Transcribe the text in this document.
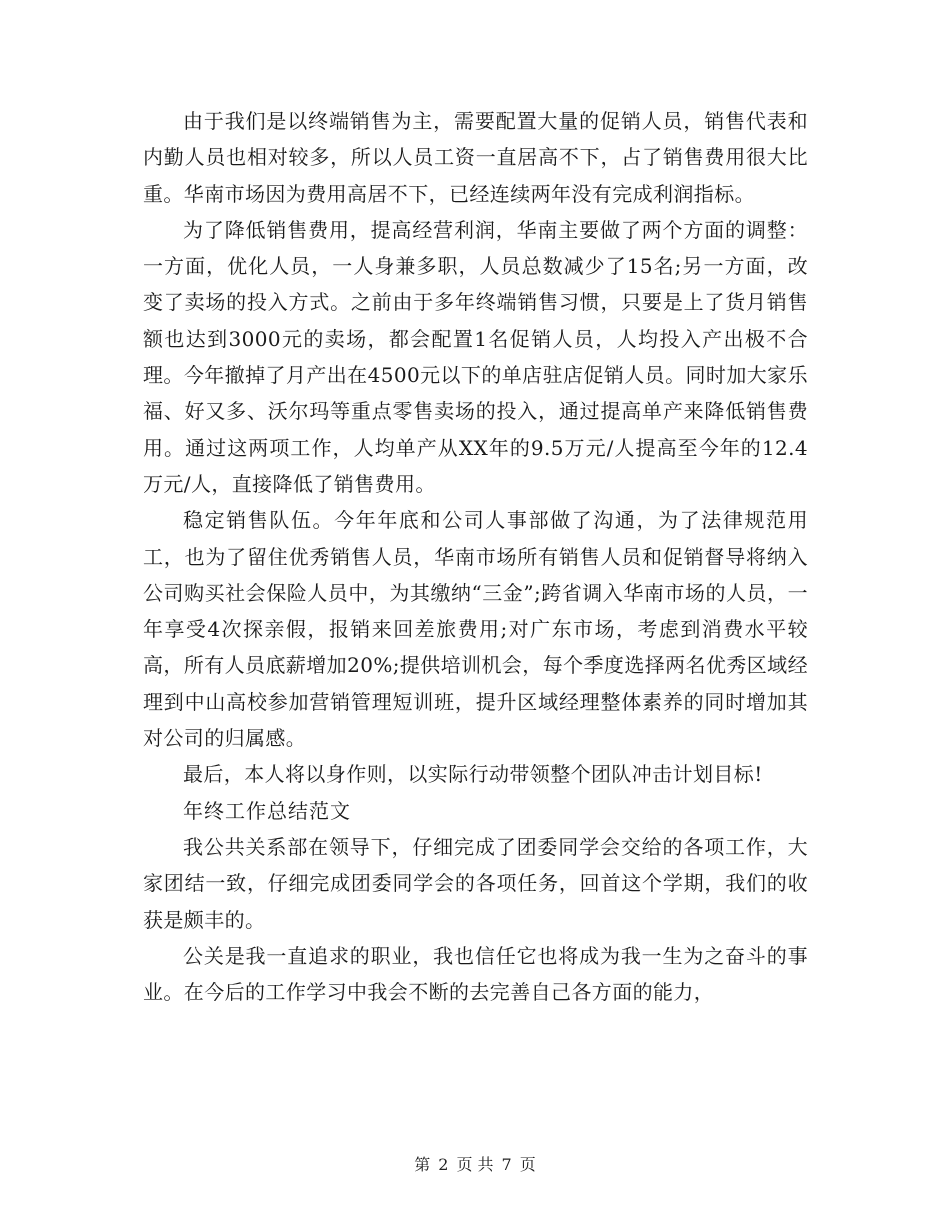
由于我们是以终端销售为主，需要配置大量的促销人员，销售代表和内勤人员也相对较多，所以人员工资一直居高不下，占了销售费用很大比重。华南市场因为费用高居不下，已经连续两年没有完成利润指标。

为了降低销售费用，提高经营利润，华南主要做了两个方面的调整：一方面，优化人员，一人身兼多职，人员总数减少了15名;另一方面，改变了卖场的投入方式。之前由于多年终端销售习惯，只要是上了货月销售额也达到3000元的卖场，都会配置1名促销人员，人均投入产出极不合理。今年撤掉了月产出在4500元以下的单店驻店促销人员。同时加大家乐福、好又多、沃尔玛等重点零售卖场的投入，通过提高单产来降低销售费用。通过这两项工作，人均单产从XX年的9.5万元/人提高至今年的12.4万元/人，直接降低了销售费用。

稳定销售队伍。今年年底和公司人事部做了沟通，为了法律规范用工，也为了留住优秀销售人员，华南市场所有销售人员和促销督导将纳入公司购买社会保险人员中，为其缴纳“三金”;跨省调入华南市场的人员，一年享受4次探亲假，报销来回差旅费用;对广东市场，考虑到消费水平较高，所有人员底薪增加20%;提供培训机会，每个季度选择两名优秀区域经理到中山高校参加营销管理短训班，提升区域经理整体素养的同时增加其对公司的归属感。

最后，本人将以身作则，以实际行动带领整个团队冲击计划目标!

年终工作总结范文

我公共关系部在领导下，仔细完成了团委同学会交给的各项工作，大家团结一致，仔细完成团委同学会的各项任务，回首这个学期，我们的收获是颇丰的。

公关是我一直追求的职业，我也信任它也将成为我一生为之奋斗的事业。在今后的工作学习中我会不断的去完善自己各方面的能力，

第 2 页 共 7 页
